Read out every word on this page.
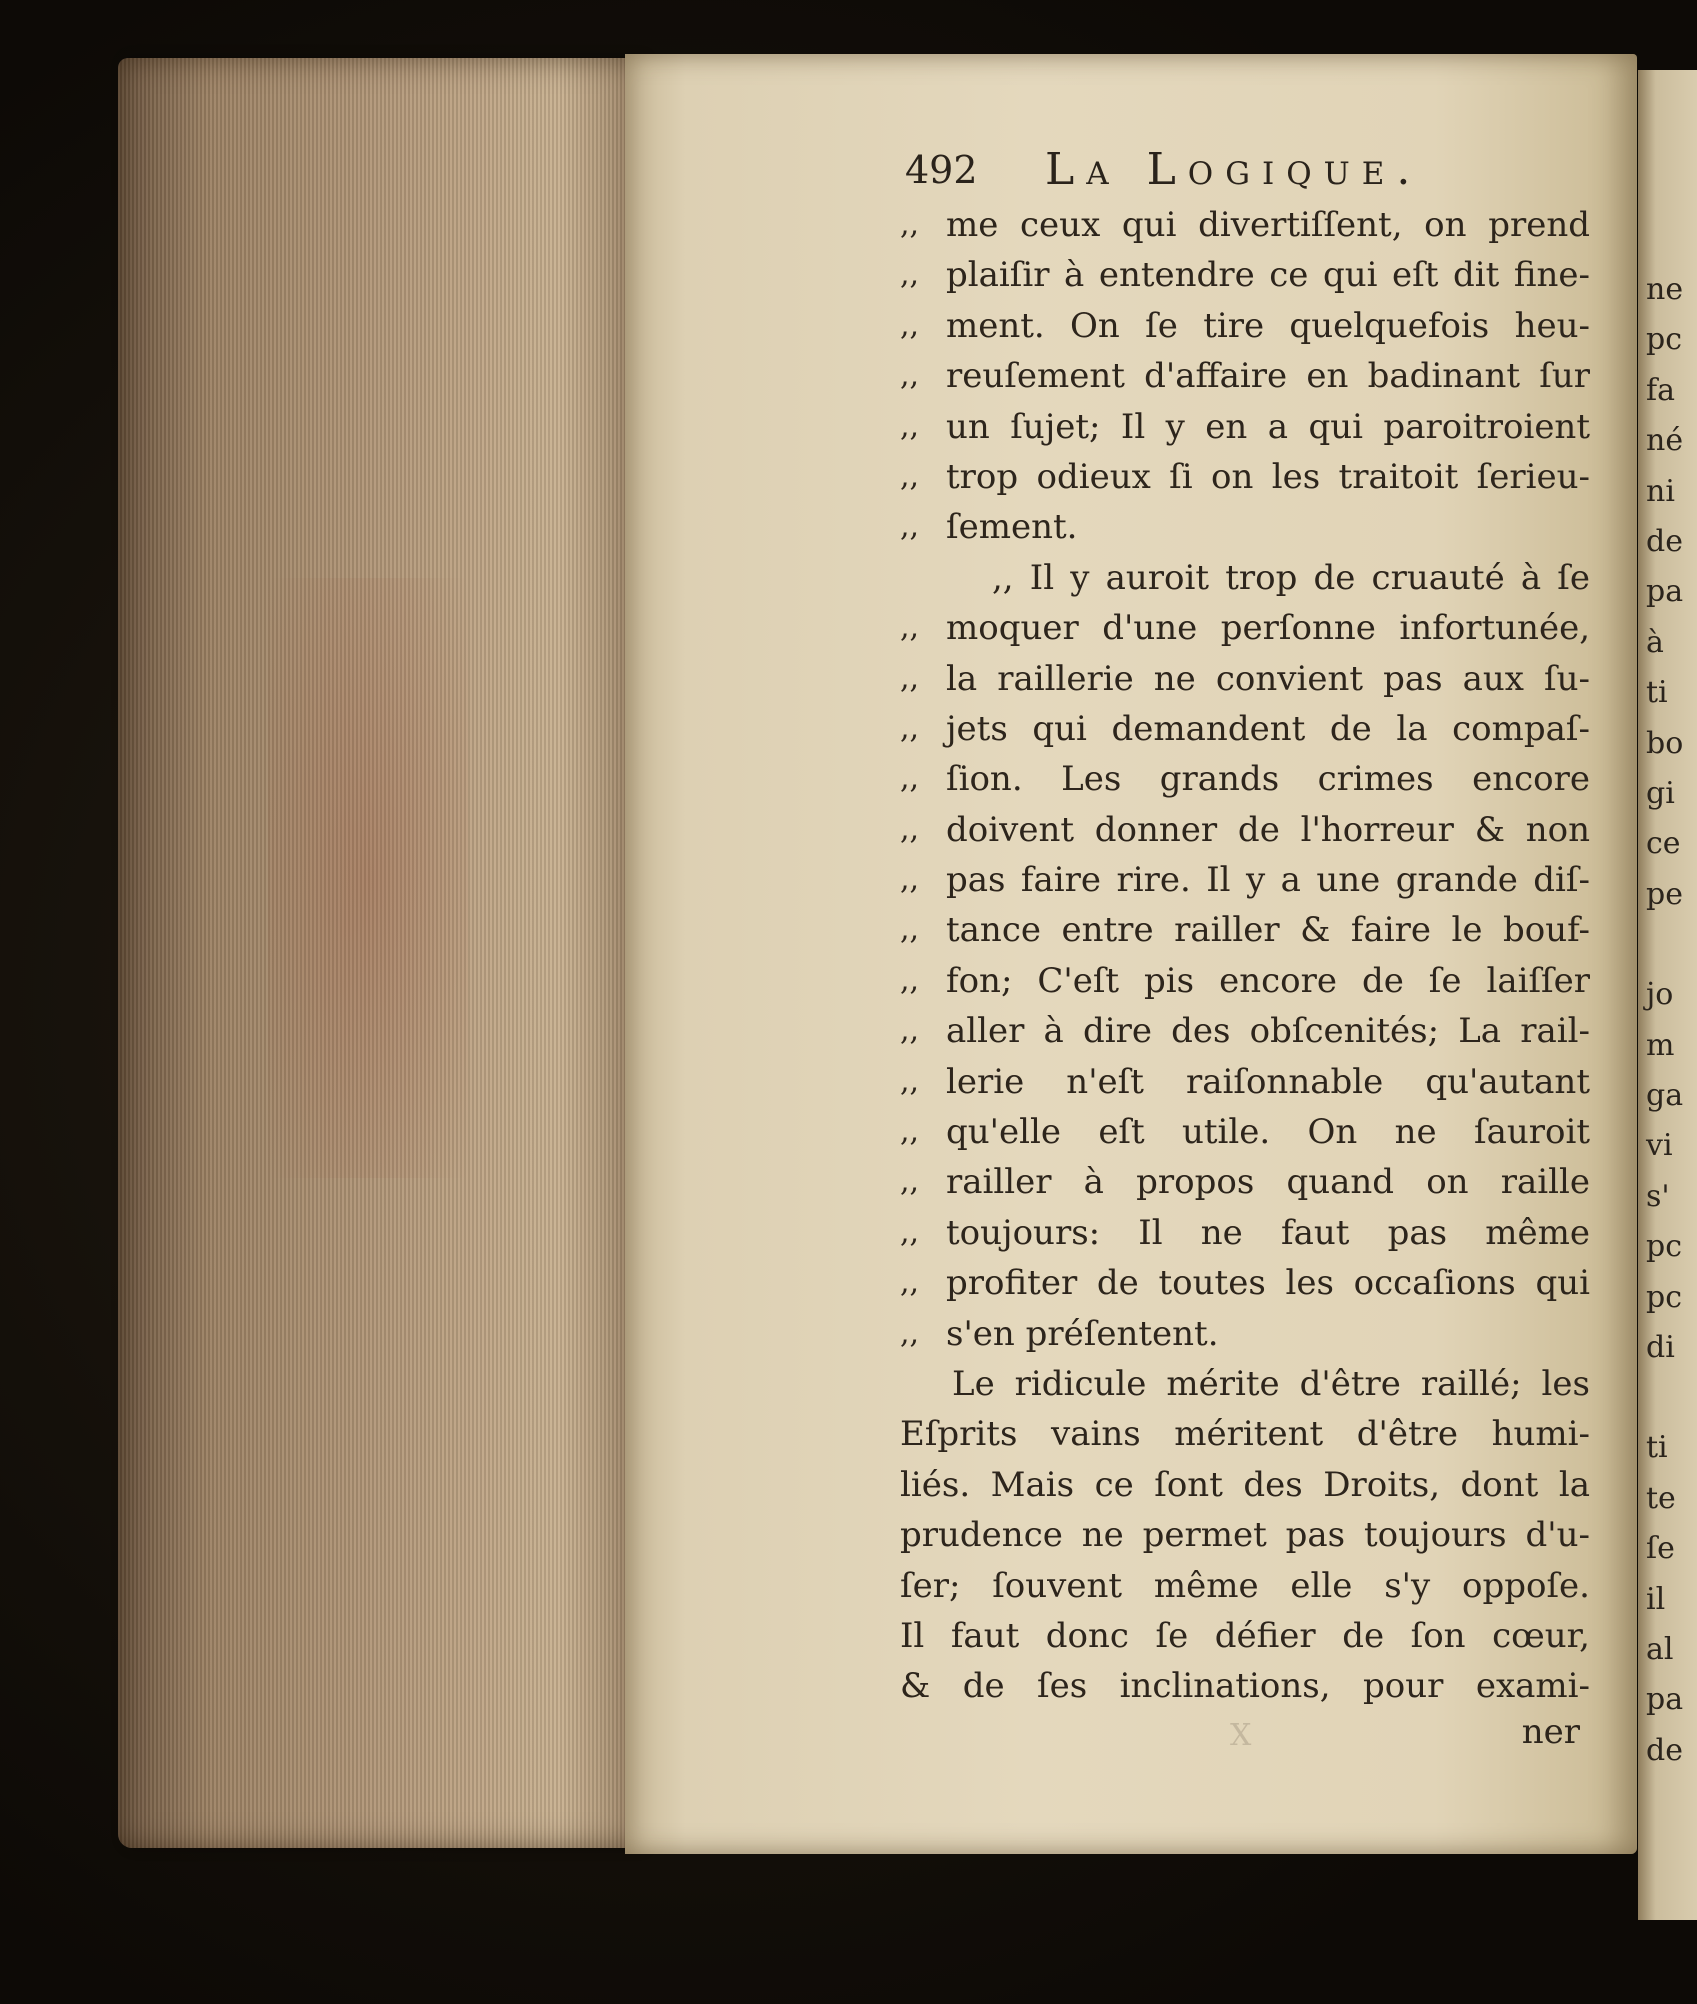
ne
pc
fa
né
ni
de
pa
à
ti
bo
gi
ce
pe
jo
m
ga
vi
s'
pc
pc
di
ti
te
ſe
il
al
pa
de
492 La Logique.
,, me ceux qui divertiſſent, on prend
,, plaiſir à entendre ce qui eſt dit fine-
,, ment. On ſe tire quelquefois heu-
,, reuſement d'affaire en badinant ſur
,, un ſujet; Il y en a qui paroitroient
,, trop odieux ſi on les traitoit ſerieu-
,, ſement.
,, Il y auroit trop de cruauté à ſe
,, moquer d'une perſonne infortunée,
,, la raillerie ne convient pas aux ſu-
,, jets qui demandent de la compaſ-
,, ſion. Les grands crimes encore
,, doivent donner de l'horreur & non
,, pas faire rire. Il y a une grande diſ-
,, tance entre railler & faire le bouf-
,, fon; C'eſt pis encore de ſe laiſſer
,, aller à dire des obſcenités; La rail-
,, lerie n'eſt raiſonnable qu'autant
,, qu'elle eſt utile. On ne ſauroit
,, railler à propos quand on raille
,, toujours: Il ne faut pas même
,, profiter de toutes les occaſions qui
,, s'en préſentent.
Le ridicule mérite d'être raillé; les
Eſprits vains méritent d'être humi-
liés. Mais ce ſont des Droits, dont la
prudence ne permet pas toujours d'u-
ſer; ſouvent même elle s'y oppoſe.
Il faut donc ſe défier de ſon cœur,
& de ſes inclinations, pour exami-
X	ner
